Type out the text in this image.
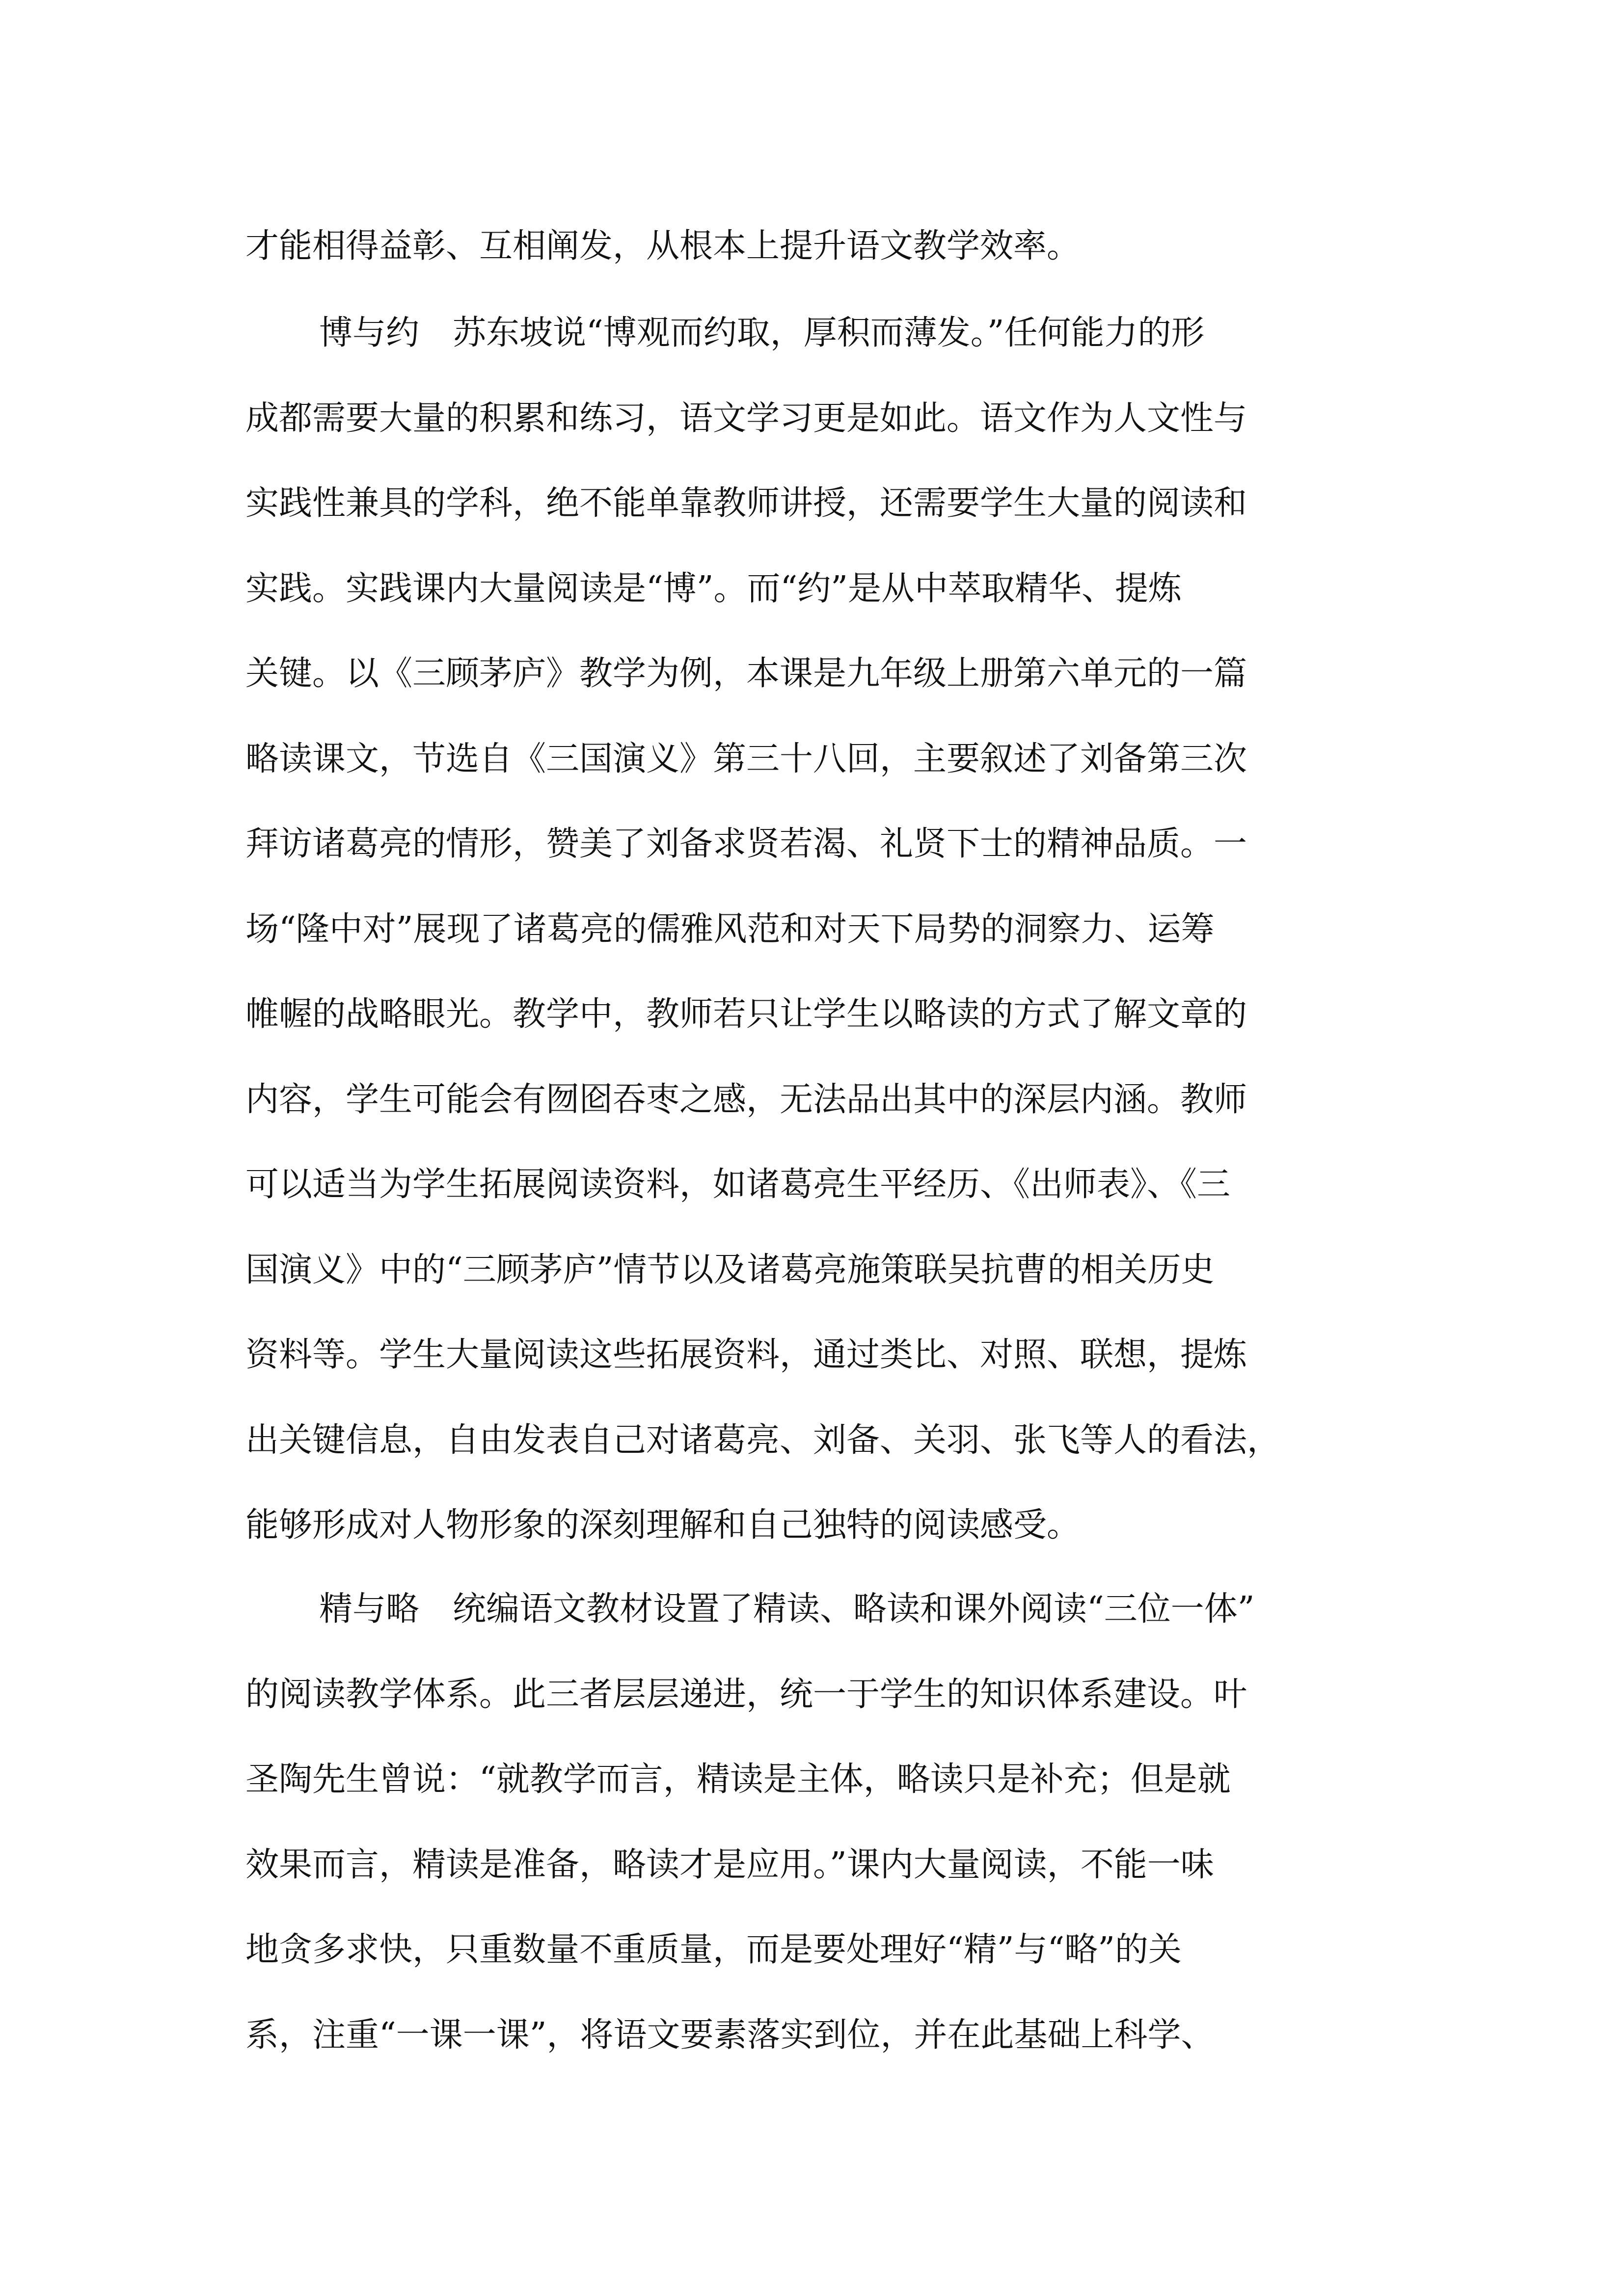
才能相得益彰、互相阐发，从根本上提升语文教学效率。
博与约　苏东坡说“博观而约取，厚积而薄发。”任何能力的形
成都需要大量的积累和练习，语文学习更是如此。语文作为人文性与
实践性兼具的学科，绝不能单靠教师讲授，还需要学生大量的阅读和
实践。实践课内大量阅读是“博”。而“约”是从中萃取精华、提炼
关键。以《三顾茅庐》教学为例，本课是九年级上册第六单元的一篇
略读课文，节选自《三国演义》第三十八回，主要叙述了刘备第三次
拜访诸葛亮的情形，赞美了刘备求贤若渴、礼贤下士的精神品质。一
场“隆中对”展现了诸葛亮的儒雅风范和对天下局势的洞察力、运筹
帷幄的战略眼光。教学中，教师若只让学生以略读的方式了解文章的
内容，学生可能会有囫囵吞枣之感，无法品出其中的深层内涵。教师
可以适当为学生拓展阅读资料，如诸葛亮生平经历、《出师表》、《三
国演义》中的“三顾茅庐”情节以及诸葛亮施策联吴抗曹的相关历史
资料等。学生大量阅读这些拓展资料，通过类比、对照、联想，提炼
出关键信息，自由发表自己对诸葛亮、刘备、关羽、张飞等人的看法，
能够形成对人物形象的深刻理解和自己独特的阅读感受。
精与略　统编语文教材设置了精读、略读和课外阅读“三位一体”
的阅读教学体系。此三者层层递进，统一于学生的知识体系建设。叶
圣陶先生曾说：“就教学而言，精读是主体，略读只是补充；但是就
效果而言，精读是准备，略读才是应用。”课内大量阅读，不能一味
地贪多求快，只重数量不重质量，而是要处理好“精”与“略”的关
系，注重“一课一课”，将语文要素落实到位，并在此基础上科学、
